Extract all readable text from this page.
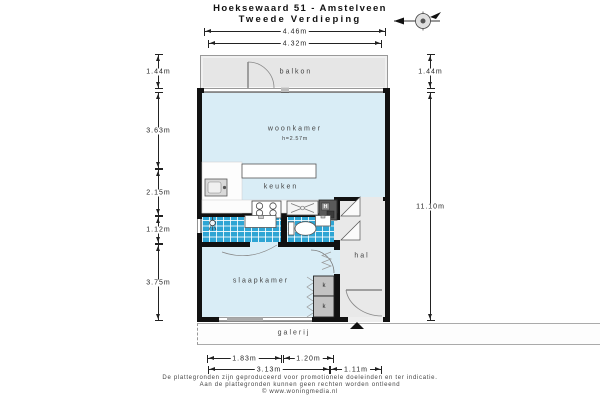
Hoeksewaard 51 - Amstelveen
Tweede Verdieping
balkon
woonkamer
h=2.57m
keuken
hal
slaapkamer
galerij
k
k
H
4.46m
4.32m
1.44m
3.63m
2.15m
1.12m
3.75m
1.44m
11.10m
1.83m	1.20m
3.13m	1.11m
De plattegronden zijn geproduceerd voor promotionele doeleinden en ter indicatie.
Aan de plattegronden kunnen geen rechten worden ontleend
© www.woningmedia.nl
